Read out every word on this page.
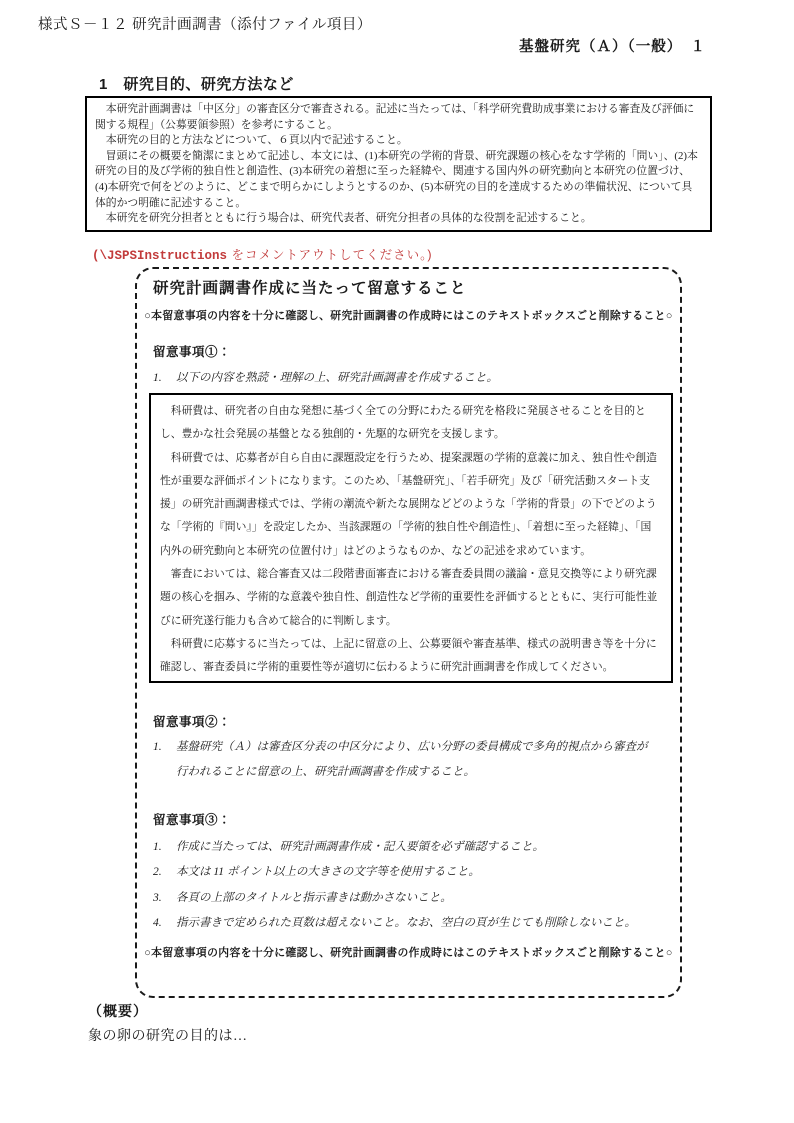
様式Ｓ－１２ 研究計画調書（添付ファイル項目）
基盤研究（Ａ）（一般）　１
1　研究目的、研究方法など

　本研究計画調書は「中区分」の審査区分で審査される。記述に当たっては、「科学研究費助成事業における審査及び評価に関する規程」（公募要領参照）を参考にすること。

　本研究の目的と方法などについて、６頁以内で記述すること。

　冒頭にその概要を簡潔にまとめて記述し、本文には、(1)本研究の学術的背景、研究課題の核心をなす学術的「問い」、(2)本研究の目的及び学術的独自性と創造性、(3)本研究の着想に至った経緯や、関連する国内外の研究動向と本研究の位置づけ、(4)本研究で何をどのように、どこまで明らかにしようとするのか、(5)本研究の目的を達成するための準備状況、について具体的かつ明確に記述すること。

　本研究を研究分担者とともに行う場合は、研究代表者、研究分担者の具体的な役割を記述すること。

(\JSPSInstructions をコメントアウトしてください。)
研究計画調書作成に当たって留意すること
○本留意事項の内容を十分に確認し、研究計画調書の作成時にはこのテキストボックスごと削除すること○
留意事項①：
1.	以下の内容を熟読・理解の上、研究計画調書を作成すること。

　科研費は、研究者の自由な発想に基づく全ての分野にわたる研究を格段に発展させることを目的とし、豊かな社会発展の基盤となる独創的・先駆的な研究を支援します。

　科研費では、応募者が自ら自由に課題設定を行うため、提案課題の学術的意義に加え、独自性や創造性が重要な評価ポイントになります。このため、「基盤研究」、「若手研究」及び「研究活動スタート支援」の研究計画調書様式では、学術の潮流や新たな展開などどのような「学術的背景」の下でどのような「学術的『問い』」を設定したか、当該課題の「学術的独自性や創造性」、「着想に至った経緯」、「国内外の研究動向と本研究の位置付け」はどのようなものか、などの記述を求めています。

　審査においては、総合審査又は二段階書面審査における審査委員間の議論・意見交換等により研究課題の核心を掴み、学術的な意義や独自性、創造性など学術的重要性を評価するとともに、実行可能性並びに研究遂行能力も含めて総合的に判断します。

　科研費に応募するに当たっては、上記に留意の上、公募要領や審査基準、様式の説明書き等を十分に確認し、審査委員に学術的重要性等が適切に伝わるように研究計画調書を作成してください。

留意事項②：
1.	基盤研究（Ａ）は審査区分表の中区分により、広い分野の委員構成で多角的視点から審査が行われることに留意の上、研究計画調書を作成すること。
留意事項③：
1.	作成に当たっては、研究計画調書作成・記入要領を必ず確認すること。
2.	本文は 11 ポイント以上の大きさの文字等を使用すること。
3.	各頁の上部のタイトルと指示書きは動かさないこと。
4.	指示書きで定められた頁数は超えないこと。なお、空白の頁が生じても削除しないこと。
○本留意事項の内容を十分に確認し、研究計画調書の作成時にはこのテキストボックスごと削除すること○
（概要）
象の卵の研究の目的は…
